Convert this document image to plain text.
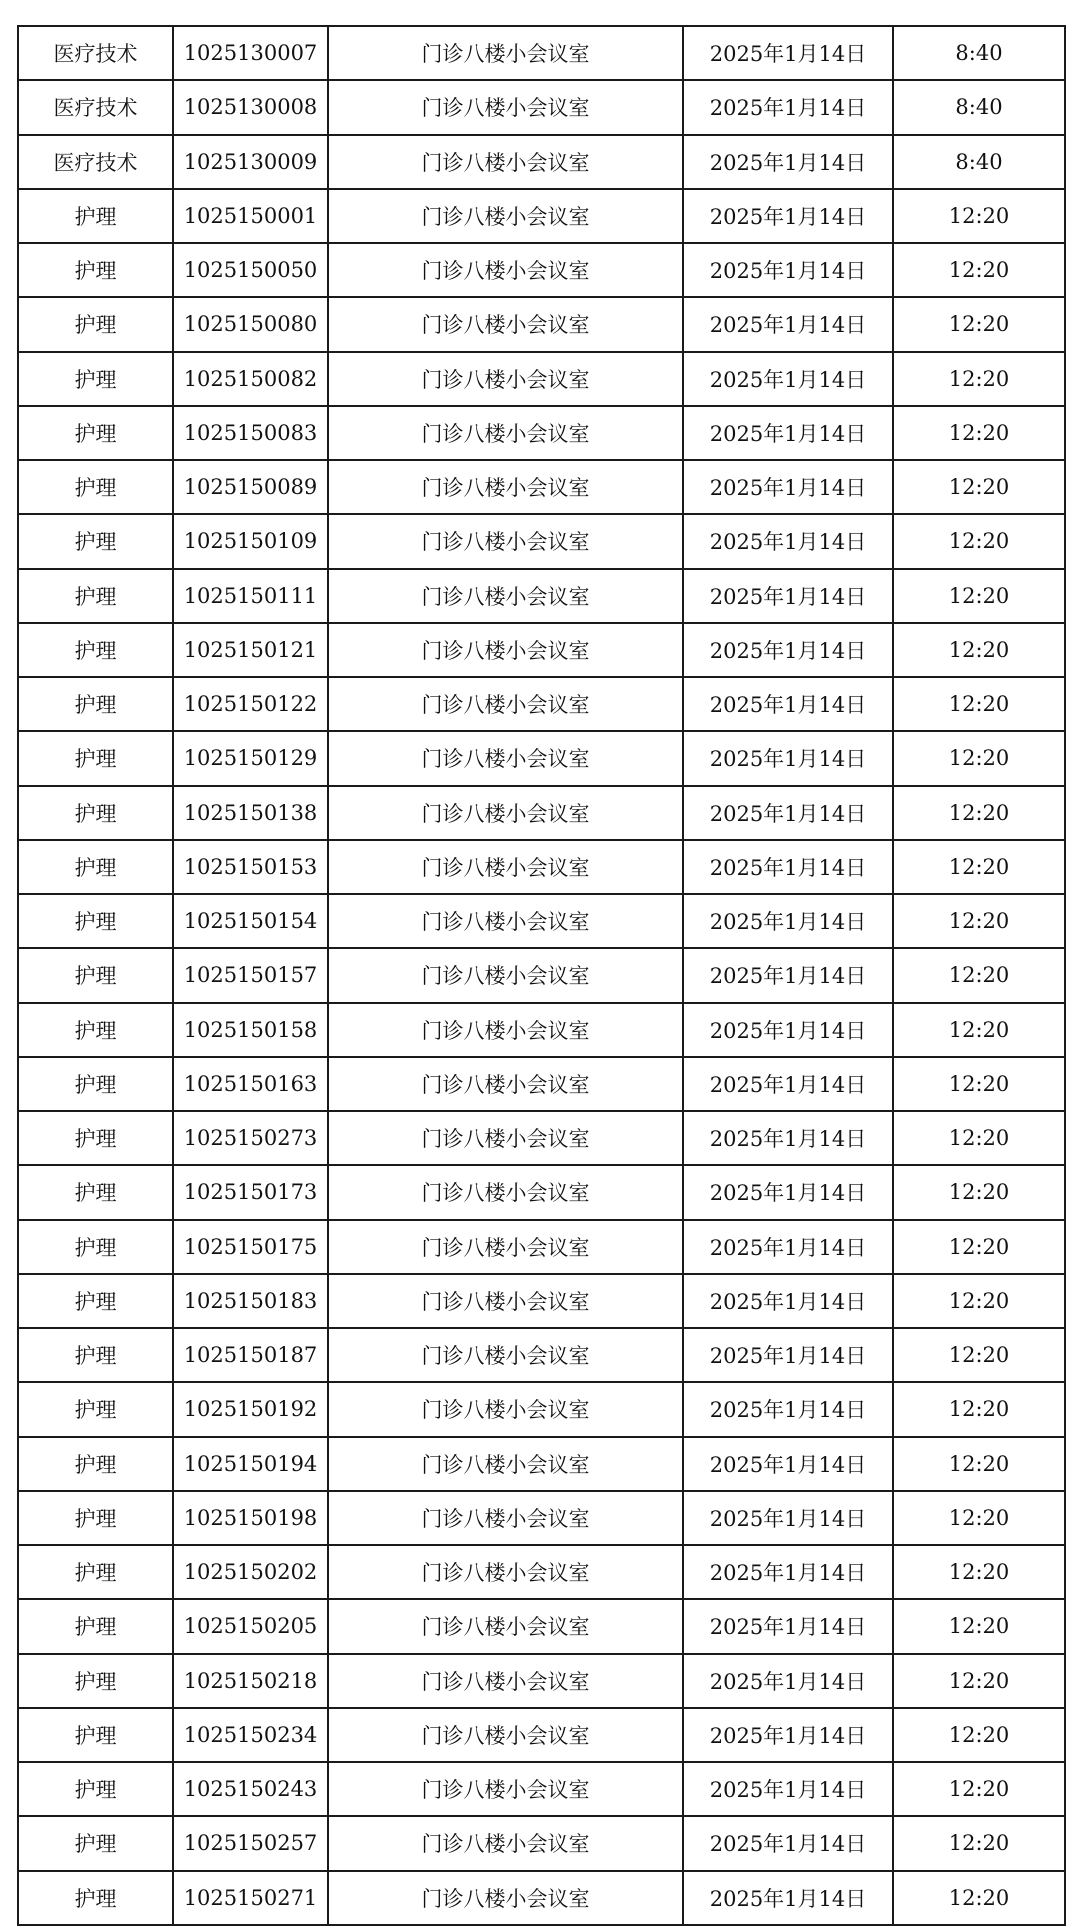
医疗技术	1025130007	门诊八楼小会议室	2025年1月14日	8:40
医疗技术	1025130008	门诊八楼小会议室	2025年1月14日	8:40
医疗技术	1025130009	门诊八楼小会议室	2025年1月14日	8:40
护理	1025150001	门诊八楼小会议室	2025年1月14日	12:20
护理	1025150050	门诊八楼小会议室	2025年1月14日	12:20
护理	1025150080	门诊八楼小会议室	2025年1月14日	12:20
护理	1025150082	门诊八楼小会议室	2025年1月14日	12:20
护理	1025150083	门诊八楼小会议室	2025年1月14日	12:20
护理	1025150089	门诊八楼小会议室	2025年1月14日	12:20
护理	1025150109	门诊八楼小会议室	2025年1月14日	12:20
护理	1025150111	门诊八楼小会议室	2025年1月14日	12:20
护理	1025150121	门诊八楼小会议室	2025年1月14日	12:20
护理	1025150122	门诊八楼小会议室	2025年1月14日	12:20
护理	1025150129	门诊八楼小会议室	2025年1月14日	12:20
护理	1025150138	门诊八楼小会议室	2025年1月14日	12:20
护理	1025150153	门诊八楼小会议室	2025年1月14日	12:20
护理	1025150154	门诊八楼小会议室	2025年1月14日	12:20
护理	1025150157	门诊八楼小会议室	2025年1月14日	12:20
护理	1025150158	门诊八楼小会议室	2025年1月14日	12:20
护理	1025150163	门诊八楼小会议室	2025年1月14日	12:20
护理	1025150273	门诊八楼小会议室	2025年1月14日	12:20
护理	1025150173	门诊八楼小会议室	2025年1月14日	12:20
护理	1025150175	门诊八楼小会议室	2025年1月14日	12:20
护理	1025150183	门诊八楼小会议室	2025年1月14日	12:20
护理	1025150187	门诊八楼小会议室	2025年1月14日	12:20
护理	1025150192	门诊八楼小会议室	2025年1月14日	12:20
护理	1025150194	门诊八楼小会议室	2025年1月14日	12:20
护理	1025150198	门诊八楼小会议室	2025年1月14日	12:20
护理	1025150202	门诊八楼小会议室	2025年1月14日	12:20
护理	1025150205	门诊八楼小会议室	2025年1月14日	12:20
护理	1025150218	门诊八楼小会议室	2025年1月14日	12:20
护理	1025150234	门诊八楼小会议室	2025年1月14日	12:20
护理	1025150243	门诊八楼小会议室	2025年1月14日	12:20
护理	1025150257	门诊八楼小会议室	2025年1月14日	12:20
护理	1025150271	门诊八楼小会议室	2025年1月14日	12:20
